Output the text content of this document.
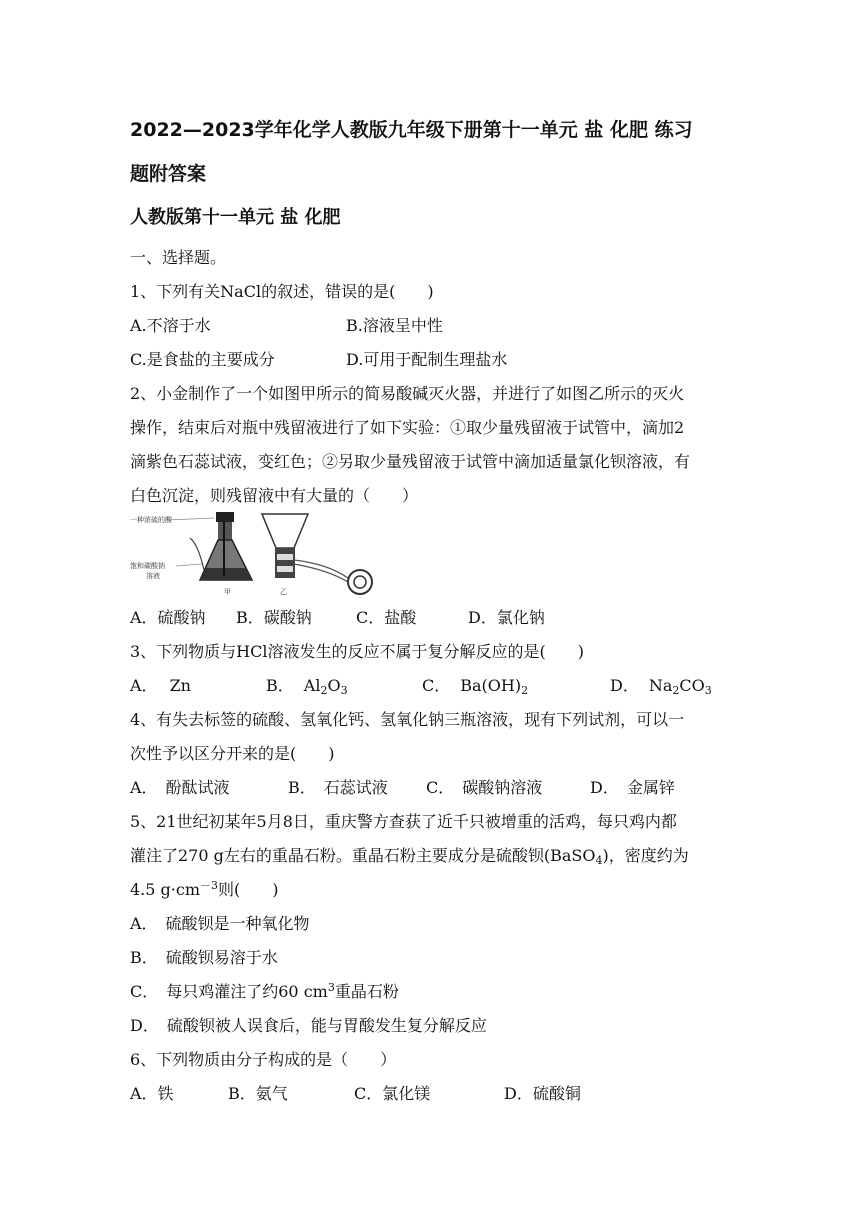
2022—2023学年化学人教版九年级下册第十一单元 盐 化肥 练习
题附答案
人教版第十一单元 盐 化肥
一、选择题。
1、下列有关NaCl的叙述，错误的是(　　)
A.不溶于水	B.溶液呈中性
C.是食盐的主要成分	D.可用于配制生理盐水
2、小金制作了一个如图甲所示的简易酸碱灭火器，并进行了如图乙所示的灭火
操作，结束后对瓶中残留液进行了如下实验：①取少量残留液于试管中，滴加2
滴紫色石蕊试液，变红色；②另取少量残留液于试管中滴加适量氯化钡溶液，有
白色沉淀，则残留液中有大量的（　　）
一种浓硫的酸
饱和碳酸钠
溶液
甲	乙
A．硫酸钠 B．碳酸钠	C．盐酸	D．氯化钠
3、下列物质与HCl溶液发生的反应不属于复分解反应的是(　　)
A． Zn	B． $Al_2O_3$	C． $Ba(OH)_2$	D． $Na_2CO_3$
4、有失去标签的硫酸、氢氧化钙、氢氧化钠三瓶溶液，现有下列试剂，可以一
次性予以区分开来的是(　　)
A．　酚酞试液	B．　石蕊试液 C．　碳酸钠溶液	D．　金属锌
5、21世纪初某年5月8日，重庆警方查获了近千只被增重的活鸡，每只鸡内都
灌注了270 g左右的重晶石粉。重晶石粉主要成分是硫酸钡(BaSO$_4$)，密度约为
4.5 $g\cdot cm^{-3}$则(　　)
A．　硫酸钡是一种氧化物
B．　硫酸钡易溶于水
C．　每只鸡灌注了约60 $cm^3$重晶石粉
D．　硫酸钡被人误食后，能与胃酸发生复分解反应
6、下列物质由分子构成的是（　　）
A．铁	B．氨气	C．氯化镁	D．硫酸铜
